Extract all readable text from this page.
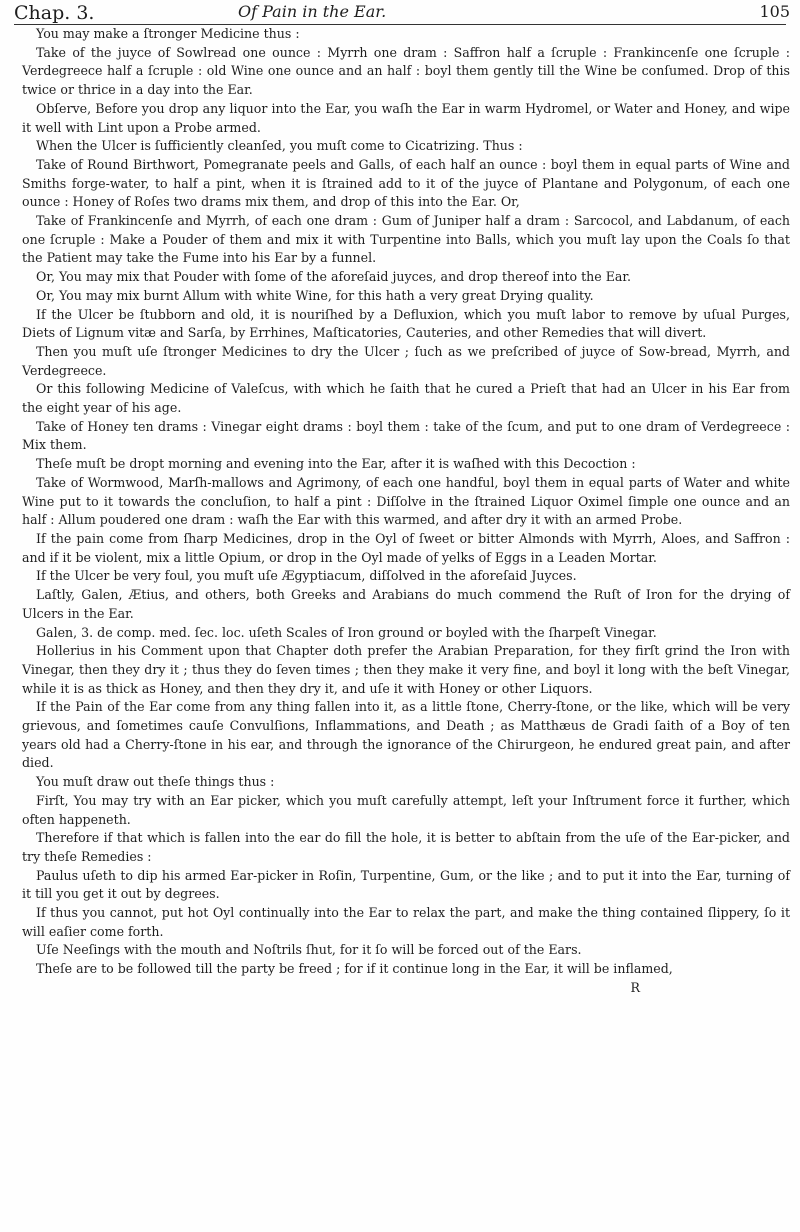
Chap. 3.	Of Pain in the Ear.	105

You may make a ſtronger Medicine thus :

Take of the juyce of Sowlread one ounce : Myrrh one dram : Saffron half a ſcruple : Frankincenſe one ſcruple : Verdegreece half a ſcruple : old Wine one ounce and an half : boyl them gently till the Wine be conſumed. Drop of this twice or thrice in a day into the Ear.

Obſerve, Before you drop any liquor into the Ear, you waſh the Ear in warm Hydromel, or Water and Honey, and wipe it well with Lint upon a Probe armed.

When the Ulcer is ſufficiently cleanſed, you muſt come to Cicatrizing. Thus :

Take of Round Birthwort, Pomegranate peels and Galls, of each half an ounce : boyl them in equal parts of Wine and Smiths forge-water, to half a pint, when it is ſtrained add to it of the juyce of Plantane and Polygonum, of each one ounce : Honey of Roſes two drams mix them, and drop of this into the Ear. Or,

Take of Frankincenſe and Myrrh, of each one dram : Gum of Juniper half a dram : Sarcocol, and Labdanum, of each one ſcruple : Make a Pouder of them and mix it with Turpentine into Balls, which you muſt lay upon the Coals ſo that the Patient may take the Fume into his Ear by a funnel.

Or, You may mix that Pouder with ſome of the aforeſaid juyces, and drop thereof into the Ear.

Or, You may mix burnt Allum with white Wine, for this hath a very great Drying quality.

If the Ulcer be ſtubborn and old, it is nouriſhed by a Defluxion, which you muſt labor to remove by uſual Purges, Diets of Lignum vitæ and Sarſa, by Errhines, Maſticatories, Cauteries, and other Remedies that will divert.

Then you muſt uſe ſtronger Medicines to dry the Ulcer ; ſuch as we preſcribed of juyce of Sow-bread, Myrrh, and Verdegreece.

Or this following Medicine of Valeſcus, with which he ſaith that he cured a Prieſt that had an Ulcer in his Ear from the eight year of his age.

Take of Honey ten drams : Vinegar eight drams : boyl them : take of the ſcum, and put to one dram of Verdegreece : Mix them.

Theſe muſt be dropt morning and evening into the Ear, after it is waſhed with this Decoction :

Take of Wormwood, Marſh-mallows and Agrimony, of each one handful, boyl them in equal parts of Water and white Wine put to it towards the concluſion, to half a pint : Diſſolve in the ſtrained Liquor Oximel ſimple one ounce and an half : Allum poudered one dram : waſh the Ear with this warmed, and after dry it with an armed Probe.

If the pain come from ſharp Medicines, drop in the Oyl of ſweet or bitter Almonds with Myrrh, Aloes, and Saffron : and if it be violent, mix a little Opium, or drop in the Oyl made of yelks of Eggs in a Leaden Mortar.

If the Ulcer be very foul, you muſt uſe Ægyptiacum, diſſolved in the aforeſaid Juyces.

Laſtly, Galen, Ætius, and others, both Greeks and Arabians do much commend the Ruſt of Iron for the drying of Ulcers in the Ear.

Galen, 3. de comp. med. ſec. loc. uſeth Scales of Iron ground or boyled with the ſharpeſt Vinegar.

Hollerius in his Comment upon that Chapter doth prefer the Arabian Preparation, for they firſt grind the Iron with Vinegar, then they dry it ; thus they do ſeven times ; then they make it very fine, and boyl it long with the beſt Vinegar, while it is as thick as Honey, and then they dry it, and uſe it with Honey or other Liquors.

If the Pain of the Ear come from any thing fallen into it, as a little ſtone, Cherry-ſtone, or the like, which will be very grievous, and ſometimes cauſe Convulſions, Inflammations, and Death ; as Matthæus de Gradi ſaith of a Boy of ten years old had a Cherry-ſtone in his ear, and through the ignorance of the Chirurgeon, he endured great pain, and after died.

You muſt draw out theſe things thus :

Firſt, You may try with an Ear picker, which you muſt carefully attempt, leſt your Inſtrument force it further, which often happeneth.

Therefore if that which is fallen into the ear do fill the hole, it is better to abſtain from the uſe of the Ear-picker, and try theſe Remedies :

Paulus uſeth to dip his armed Ear-picker in Roſin, Turpentine, Gum, or the like ; and to put it into the Ear, turning of it till you get it out by degrees.

If thus you cannot, put hot Oyl continually into the Ear to relax the part, and make the thing contained ſlippery, ſo it will eaſier come forth.

Uſe Neeſings with the mouth and Noſtrils ſhut, for it ſo will be forced out of the Ears.

Theſe are to be followed till the party be freed ; for if it continue long in the Ear, it will be inflamed,

R
